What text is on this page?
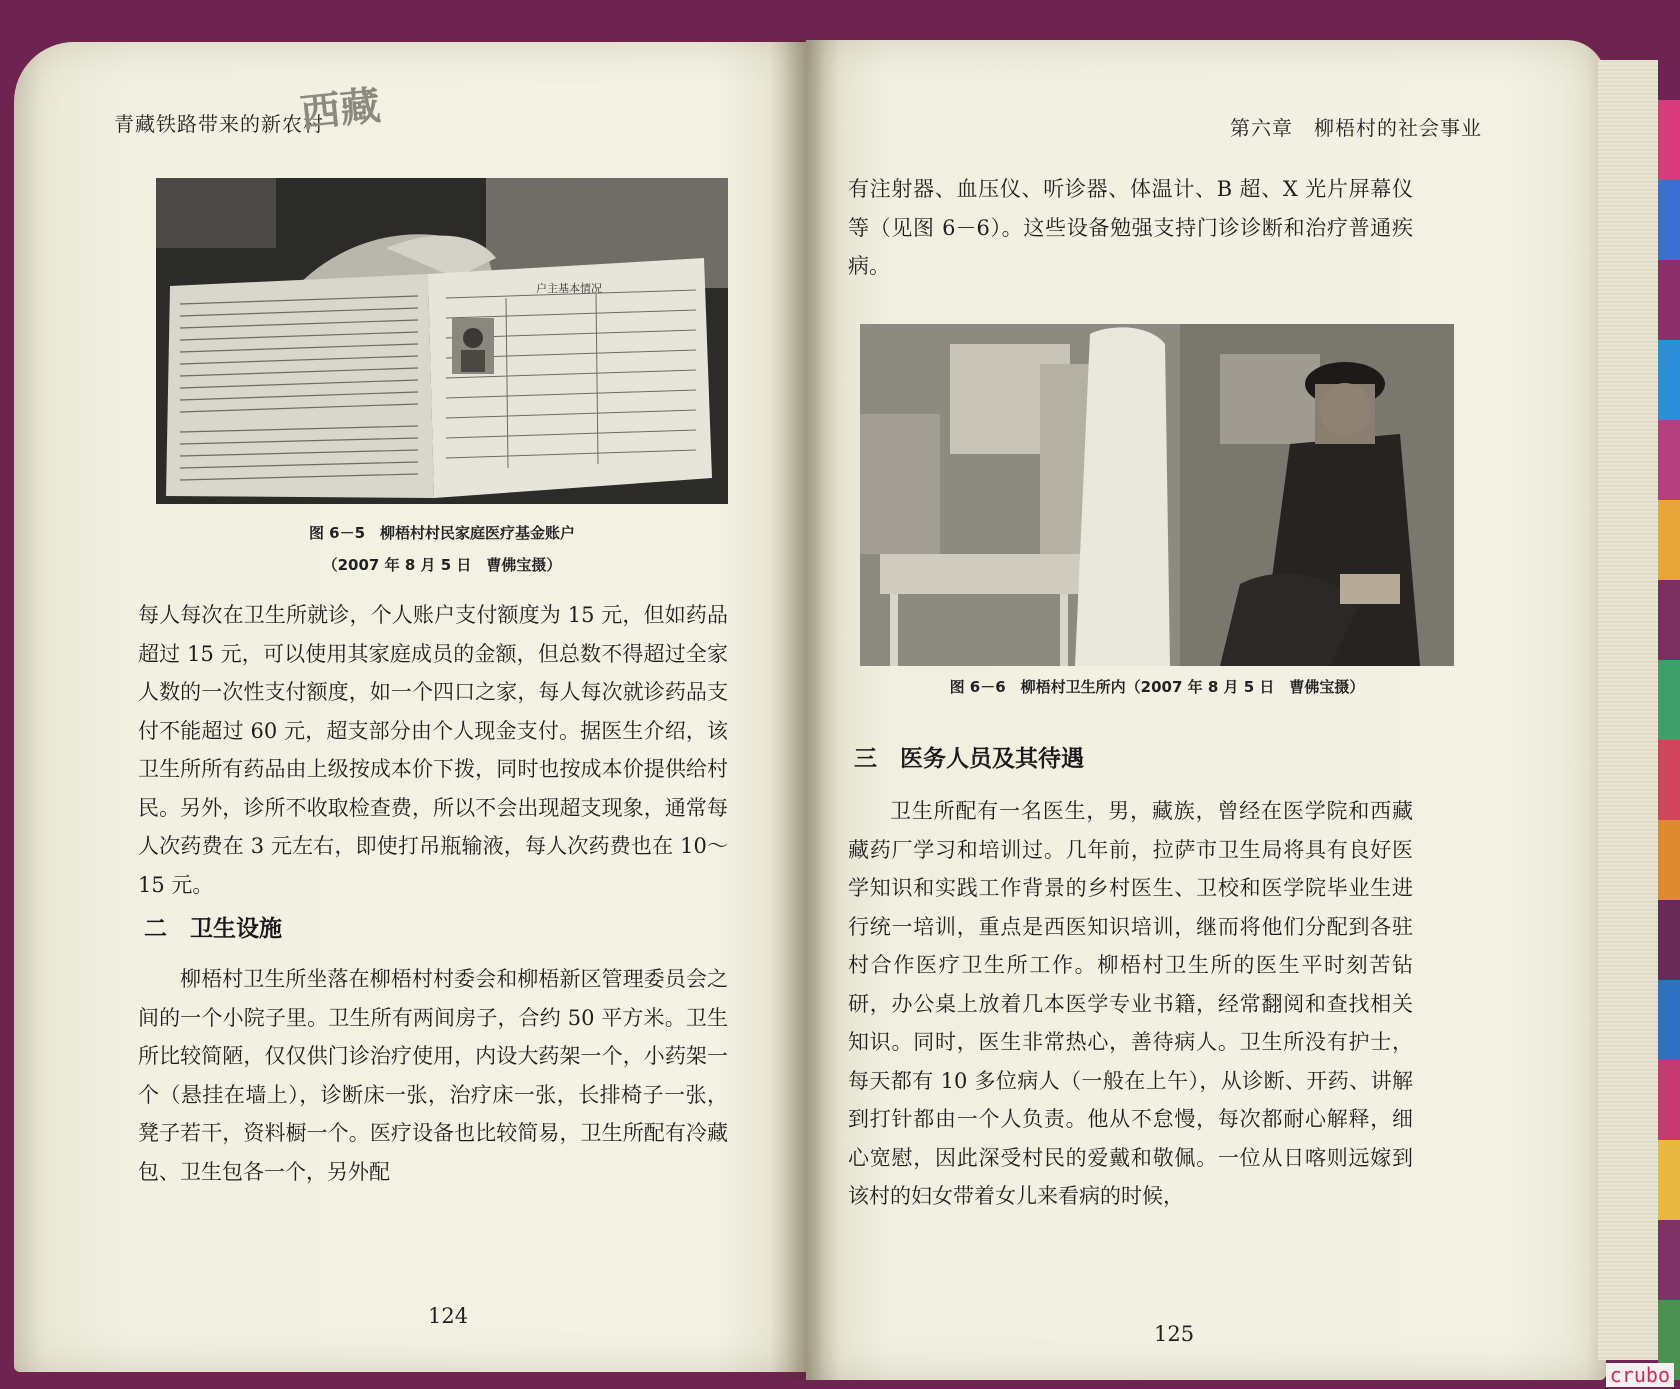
青藏铁路带来的新农村
西藏
户主基本情况
图 6－5　柳梧村村民家庭医疗基金账户
（2007 年 8 月 5 日　曹佛宝摄）
每人每次在卫生所就诊，个人账户支付额度为 15 元，但如药品超过 15 元，可以使用其家庭成员的金额，但总数不得超过全家人数的一次性支付额度，如一个四口之家，每人每次就诊药品支付不能超过 60 元，超支部分由个人现金支付。据医生介绍，该卫生所所有药品由上级按成本价下拨，同时也按成本价提供给村民。另外，诊所不收取检查费，所以不会出现超支现象，通常每人次药费在 3 元左右，即使打吊瓶输液，每人次药费也在 10～15 元。
二　卫生设施
柳梧村卫生所坐落在柳梧村村委会和柳梧新区管理委员会之间的一个小院子里。卫生所有两间房子，合约 50 平方米。卫生所比较简陋，仅仅供门诊治疗使用，内设大药架一个，小药架一个（悬挂在墙上），诊断床一张，治疗床一张，长排椅子一张，凳子若干，资料橱一个。医疗设备也比较简易，卫生所配有冷藏包、卫生包各一个，另外配
124
第六章　柳梧村的社会事业
有注射器、血压仪、听诊器、体温计、B 超、X 光片屏幕仪等（见图 6－6）。这些设备勉强支持门诊诊断和治疗普通疾病。
图 6－6　柳梧村卫生所内（2007 年 8 月 5 日　曹佛宝摄）
三　医务人员及其待遇
卫生所配有一名医生，男，藏族，曾经在医学院和西藏藏药厂学习和培训过。几年前，拉萨市卫生局将具有良好医学知识和实践工作背景的乡村医生、卫校和医学院毕业生进行统一培训，重点是西医知识培训，继而将他们分配到各驻村合作医疗卫生所工作。柳梧村卫生所的医生平时刻苦钻研，办公桌上放着几本医学专业书籍，经常翻阅和查找相关知识。同时，医生非常热心，善待病人。卫生所没有护士，每天都有 10 多位病人（一般在上午），从诊断、开药、讲解到打针都由一个人负责。他从不怠慢，每次都耐心解释，细心宽慰，因此深受村民的爱戴和敬佩。一位从日喀则远嫁到该村的妇女带着女儿来看病的时候，
125
crubo
